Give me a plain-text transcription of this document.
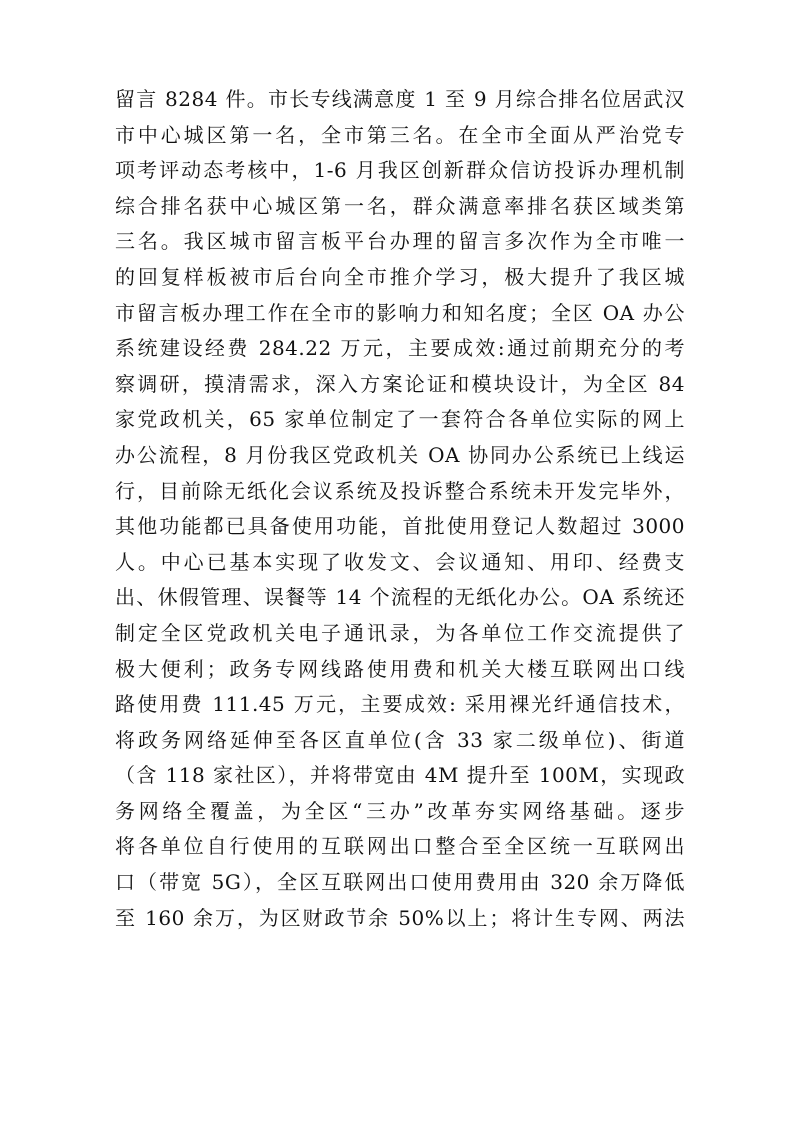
留言 8284 件。市长专线满意度 1 至 9 月综合排名位居武汉
市中心城区第一名，全市第三名。在全市全面从严治党专
项考评动态考核中，1-6 月我区创新群众信访投诉办理机制
综合排名获中心城区第一名，群众满意率排名获区域类第
三名。我区城市留言板平台办理的留言多次作为全市唯一
的回复样板被市后台向全市推介学习，极大提升了我区城
市留言板办理工作在全市的影响力和知名度；全区 OA 办公
系统建设经费 284.22 万元，主要成效:通过前期充分的考
察调研，摸清需求，深入方案论证和模块设计，为全区 84
家党政机关，65 家单位制定了一套符合各单位实际的网上
办公流程，8 月份我区党政机关 OA 协同办公系统已上线运
行，目前除无纸化会议系统及投诉整合系统未开发完毕外，
其他功能都已具备使用功能，首批使用登记人数超过 3000
人。中心已基本实现了收发文、会议通知、用印、经费支
出、休假管理、误餐等 14 个流程的无纸化办公。OA 系统还
制定全区党政机关电子通讯录，为各单位工作交流提供了
极大便利；政务专网线路使用费和机关大楼互联网出口线
路使用费 111.45 万元，主要成效: 采用裸光纤通信技术，
将政务网络延伸至各区直单位(含 33 家二级单位)、街道
（含 118 家社区），并将带宽由 4M 提升至 100M，实现政
务网络全覆盖，为全区“三办”改革夯实网络基础。逐步
将各单位自行使用的互联网出口整合至全区统一互联网出
口（带宽 5G），全区互联网出口使用费用由 320 余万降低
至 160 余万，为区财政节余 50%以上；将计生专网、两法
